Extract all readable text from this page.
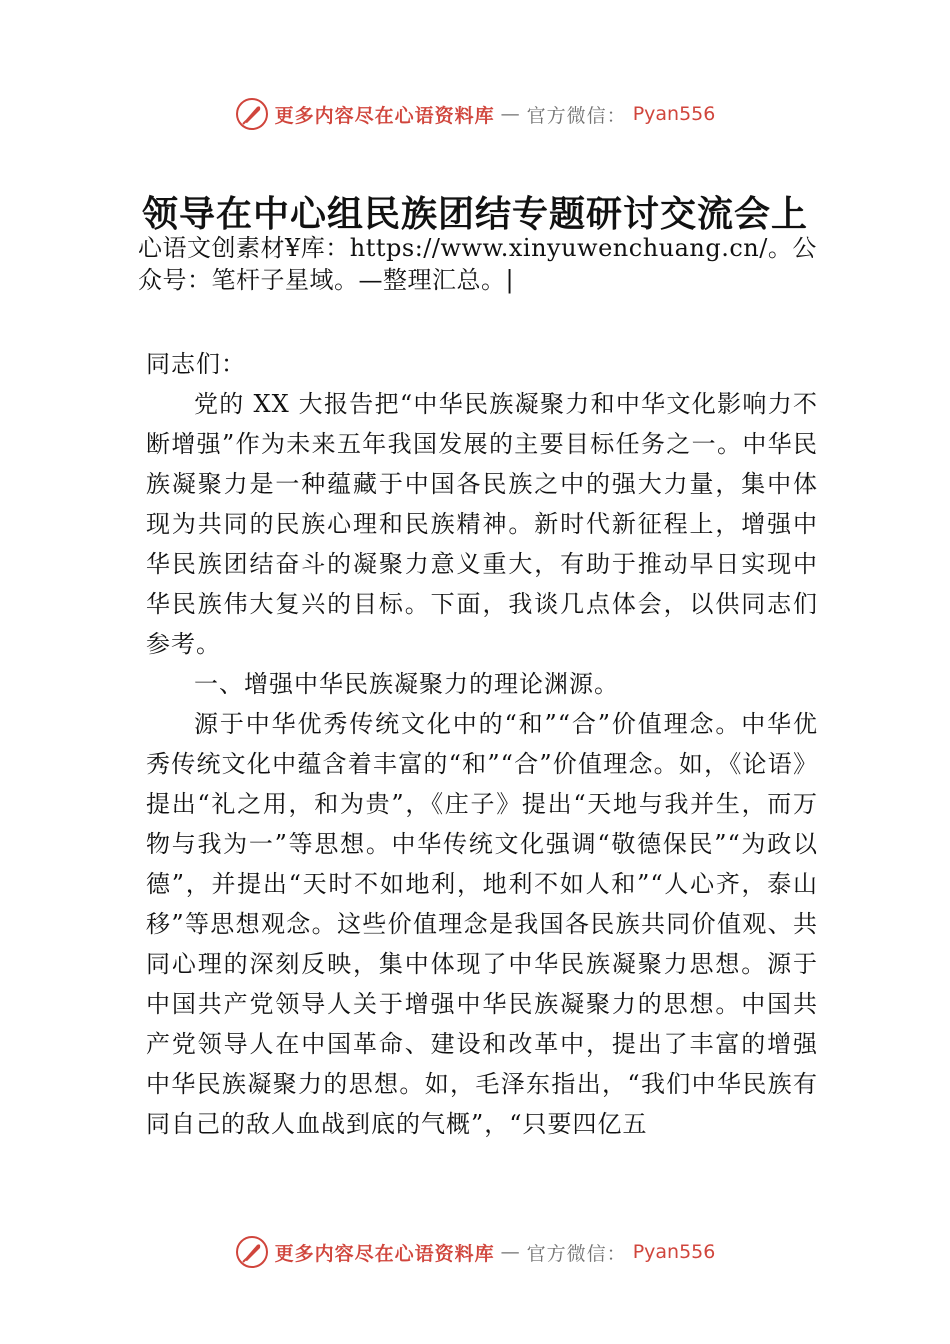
更多内容尽在心语资料库 — 官方微信： Pyan556
领导在中心组民族团结专题研讨交流会上
心语文创素材¥库：https://www.xinyuwenchuang.cn/。公众号：笔杆子星域。—整理汇总。|

同志们：

党的 XX 大报告把“中华民族凝聚力和中华文化影响力不断增强”作为未来五年我国发展的主要目标任务之一。中华民族凝聚力是一种蕴藏于中国各民族之中的强大力量，集中体现为共同的民族心理和民族精神。新时代新征程上，增强中华民族团结奋斗的凝聚力意义重大，有助于推动早日实现中华民族伟大复兴的目标。下面，我谈几点体会，以供同志们参考。

一、增强中华民族凝聚力的理论渊源。

源于中华优秀传统文化中的“和”“合”价值理念。中华优秀传统文化中蕴含着丰富的“和”“合”价值理念。如，《论语》提出“礼之用，和为贵”，《庄子》提出“天地与我并生，而万物与我为一”等思想。中华传统文化强调“敬德保民”“为政以德”，并提出“天时不如地利，地利不如人和”“人心齐，泰山移”等思想观念。这些价值理念是我国各民族共同价值观、共同心理的深刻反映，集中体现了中华民族凝聚力思想。源于中国共产党领导人关于增强中华民族凝聚力的思想。中国共产党领导人在中国革命、建设和改革中，提出了丰富的增强中华民族凝聚力的思想。如，毛泽东指出，“我们中华民族有同自己的敌人血战到底的气概”，“只要四亿五

更多内容尽在心语资料库 — 官方微信： Pyan556
